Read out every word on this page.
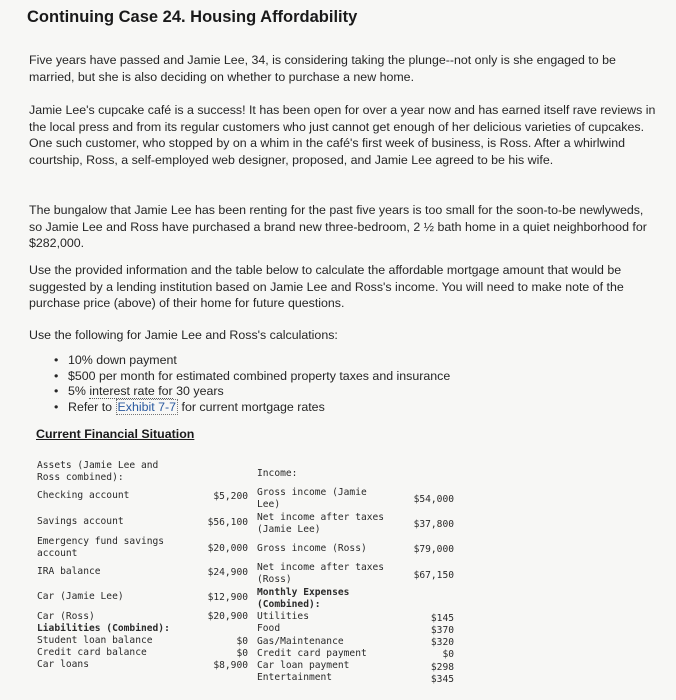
Continuing Case 24. Housing Affordability

Five years have passed and Jamie Lee, 34, is considering taking the plunge--not only is she engaged to be married, but she is also deciding on whether to purchase a new home.

Jamie Lee's cupcake café is a success! It has been open for over a year now and has earned itself rave reviews in the local press and from its regular customers who just cannot get enough of her delicious varieties of cupcakes. One such customer, who stopped by on a whim in the café's first week of business, is Ross. After a whirlwind courtship, Ross, a self-employed web designer, proposed, and Jamie Lee agreed to be his wife.

The bungalow that Jamie Lee has been renting for the past five years is too small for the soon-to-be newlyweds, so Jamie Lee and Ross have purchased a brand new three-bedroom, 2 ½ bath home in a quiet neighborhood for $282,000.

Use the provided information and the table below to calculate the affordable mortgage amount that would be suggested by a lending institution based on Jamie Lee and Ross's income. You will need to make note of the purchase price (above) of their home for future questions.

Use the following for Jamie Lee and Ross's calculations:

• 10% down payment
• $500 per month for estimated combined property taxes and insurance
• 5% interest rate for 30 years
• Refer to Exhibit 7-7 for current mortgage rates
Current Financial Situation
Assets (Jamie Lee and
Ross combined):
Checking account	$5,200
Savings account	$56,100
Emergency fund savings
account	$20,000
IRA balance	$24,900
Car (Jamie Lee)	$12,900
Car (Ross)	$20,900
Liabilities (Combined):
Student loan balance	$0
Credit card balance	$0
Car loans	$8,900
Income:
Gross income (Jamie
Lee)	$54,000
Net income after taxes
(Jamie Lee)	$37,800
Gross income (Ross)	$79,000
Net income after taxes
(Ross)	$67,150
Monthly Expenses
(Combined):
Utilities	$145
Food	$370
Gas/Maintenance	$320
Credit card payment	$0
Car loan payment	$298
Entertainment	$345
